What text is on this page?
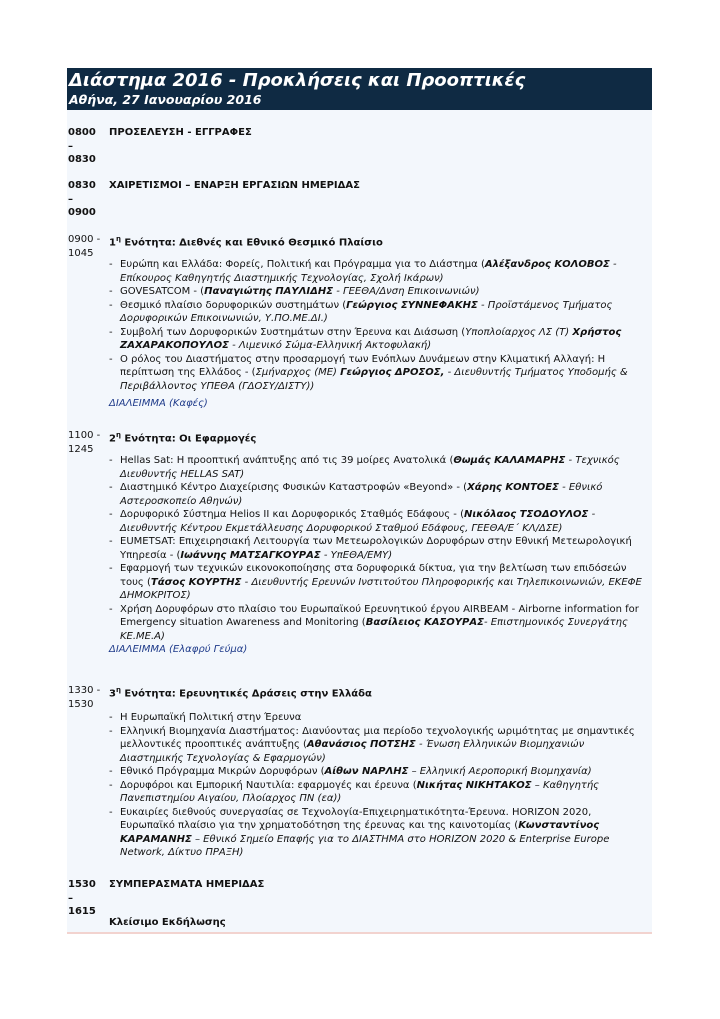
Διάστημα 2016 - Προκλήσεις και Προοπτικές
Αθήνα, 27 Ιανουαρίου 2016
0800
–
0830
ΠΡΟΣΕΛΕΥΣΗ - ΕΓΓΡΑΦΕΣ
0830
–
0900
ΧΑΙΡΕΤΙΣΜΟΙ – ΕΝΑΡΞΗ ΕΡΓΑΣΙΩΝ ΗΜΕΡΙΔΑΣ
0900 -
1045
$1^\eta$ Ενότητα: Διεθνές και Εθνικό Θεσμικό Πλαίσιο
- Ευρώπη και Ελλάδα: Φορείς, Πολιτική και Πρόγραμμα για το Διάστημα (Αλέξανδρος ΚΟΛΟΒΟΣ - Επίκουρος Καθηγητής Διαστημικής Τεχνολογίας, Σχολή Ικάρων)
- GOVESATCOM - (Παναγιώτης ΠΑΥΛΙΔΗΣ - ΓΕΕΘΑ/Δνση Επικοινωνιών)
- Θεσμικό πλαίσιο δορυφορικών συστημάτων (Γεώργιος ΣΥΝΝΕΦΑΚΗΣ - Προϊστάμενος Τμήματος Δορυφορικών Επικοινωνιών, Υ.ΠΟ.ΜΕ.ΔΙ.)
- Συμβολή των Δορυφορικών Συστημάτων στην Έρευνα και Διάσωση (Υποπλοίαρχος ΛΣ (Τ) Χρήστος ΖΑΧΑΡΑΚΟΠΟΥΛΟΣ - Λιμενικό Σώμα-Ελληνική Ακτοφυλακή)
- Ο ρόλος του Διαστήματος στην προσαρμογή των Ενόπλων Δυνάμεων στην Κλιματική Αλλαγή: Η περίπτωση της Ελλάδος - (Σμήναρχος (ΜΕ) Γεώργιος ΔΡΟΣΟΣ, - Διευθυντής Τμήματος Υποδομής & Περιβάλλοντος ΥΠΕΘΑ (ΓΔΟΣΥ/ΔΙΣΤΥ))
ΔΙΑΛΕΙΜΜΑ (Καφές)
1100 -
1245
$2^\eta$ Ενότητα: Οι Εφαρμογές
- Hellas Sat: Η προοπτική ανάπτυξης από τις 39 μοίρες Ανατολικά (Θωμάς ΚΑΛΑΜΑΡΗΣ - Τεχνικός Διευθυντής HELLAS SAT)
- Διαστημικό Κέντρο Διαχείρισης Φυσικών Καταστροφών «Beyond» - (Χάρης ΚΟΝΤΟΕΣ - Εθνικό Αστεροσκοπείο Αθηνών)
- Δορυφορικό Σύστημα Helios II και Δορυφορικός Σταθμός Εδάφους - (Νικόλαος ΤΣΟΔΟΥΛΟΣ - Διευθυντής Κέντρου Εκμετάλλευσης Δορυφορικού Σταθμού Εδάφους, ΓΕΕΘΑ/Ε΄ ΚΛ/ΔΣΕ)
- EUMETSAT: Επιχειρησιακή Λειτουργία των Μετεωρολογικών Δορυφόρων στην Εθνική Μετεωρολογική Υπηρεσία - (Ιωάννης ΜΑΤΣΑΓΚΟΥΡΑΣ - ΥπΕΘΑ/ΕΜΥ)
- Εφαρμογή των τεχνικών εικονοκοποίησης στα δορυφορικά δίκτυα, για την βελτίωση των επιδόσεών τους (Τάσος ΚΟΥΡΤΗΣ - Διευθυντής Ερευνών Ινστιτούτου Πληροφορικής και Τηλεπικοινωνιών, ΕΚΕΦΕ ΔΗΜΟΚΡΙΤΟΣ)
- Χρήση Δορυφόρων στο πλαίσιο του Ευρωπαϊκού Ερευνητικού έργου AIRBEAM - Airborne information for Emergency situation Awareness and Monitoring (Βασίλειος ΚΑΣΟΥΡΑΣ- Επιστημονικός Συνεργάτης ΚΕ.ΜΕ.Α)
ΔΙΑΛΕΙΜΜΑ (Ελαφρύ Γεύμα)
1330 -
1530
$3^\eta$ Ενότητα: Ερευνητικές Δράσεις στην Ελλάδα
- Η Ευρωπαϊκή Πολιτική στην Έρευνα
- Ελληνική Βιομηχανία Διαστήματος: Διανύοντας μια περίοδο τεχνολογικής ωριμότητας με σημαντικές μελλοντικές προοπτικές ανάπτυξης (Αθανάσιος ΠΟΤΣΗΣ - Ένωση Ελληνικών Βιομηχανιών Διαστημικής Τεχνολογίας & Εφαρμογών)
- Εθνικό Πρόγραμμα Μικρών Δορυφόρων (Αίθων ΝΑΡΛΗΣ – Ελληνική Αεροπορική Βιομηχανία)
- Δορυφόροι και Εμπορική Ναυτιλία: εφαρμογές και έρευνα (Νικήτας ΝΙΚΗΤΑΚΟΣ – Καθηγητής Πανεπιστημίου Αιγαίου, Πλοίαρχος ΠΝ (εα))
- Ευκαιρίες διεθνούς συνεργασίας σε Τεχνολογία-Επιχειρηματικότητα-Έρευνα. HORIZON 2020, Ευρωπαϊκό πλαίσιο για την χρηματοδότηση της έρευνας και της καινοτομίας (Κωνσταντίνος ΚΑΡΑΜΑΝΗΣ – Εθνικό Σημείο Επαφής για το ΔΙΑΣΤΗΜΑ στο HORIZON 2020 & Enterprise Europe Network, Δίκτυο ΠΡΑΞΗ)
1530
–
1615
ΣΥΜΠΕΡΑΣΜΑΤΑ ΗΜΕΡΙΔΑΣ
Κλείσιμο Εκδήλωσης
